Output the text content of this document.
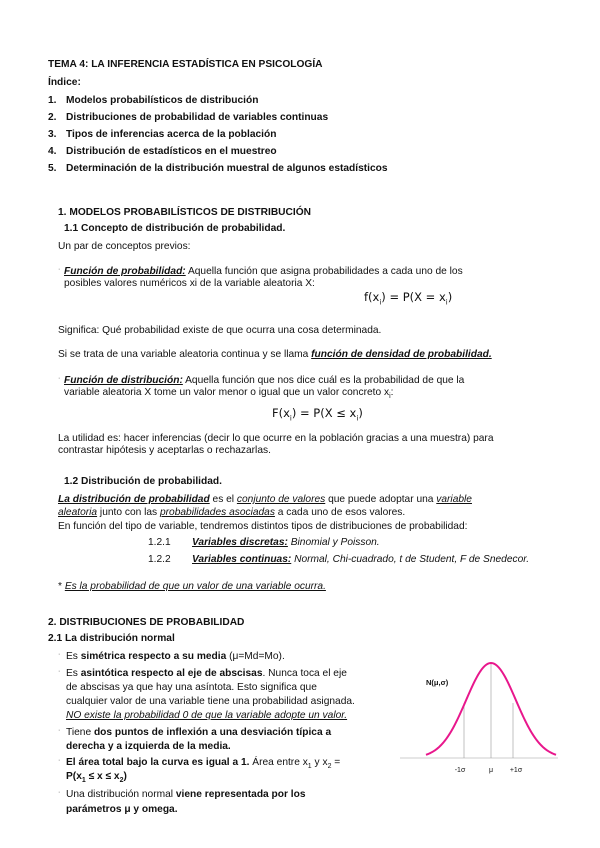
TEMA 4: LA INFERENCIA ESTADÍSTICA EN PSICOLOGÍA
Índice:
1. Modelos probabilísticos de distribución
2. Distribuciones de probabilidad de variables continuas
3. Tipos de inferencias acerca de la población
4. Distribución de estadísticos en el muestreo
5. Determinación de la distribución muestral de algunos estadísticos
1. MODELOS PROBABILÍSTICOS DE DISTRIBUCIÓN
1.1 Concepto de distribución de probabilidad.
Un par de conceptos previos:
· Función de probabilidad: Aquella función que asigna probabilidades a cada uno de los
posibles valores numéricos xi de la variable aleatoria X:
$f(x_i) = P(X = x_i)$
Significa: Qué probabilidad existe de que ocurra una cosa determinada.
Si se trata de una variable aleatoria continua y se llama función de densidad de probabilidad.
· Función de distribución: Aquella función que nos dice cuál es la probabilidad de que la
variable aleatoria X tome un valor menor o igual que un valor concreto $x_i$:
$F(x_i) = P(X \le x_i)$
La utilidad es: hacer inferencias (decir lo que ocurre en la población gracias a una muestra) para
contrastar hipótesis y aceptarlas o rechazarlas.
1.2 Distribución de probabilidad.
La distribución de probabilidad es el conjunto de valores que puede adoptar una variable
aleatoria junto con las probabilidades asociadas a cada uno de esos valores.
En función del tipo de variable, tendremos distintos tipos de distribuciones de probabilidad:
1.2.1 Variables discretas: Binomial y Poisson.
1.2.2 Variables continuas: Normal, Chi-cuadrado, t de Student, F de Snedecor.
* Es la probabilidad de que un valor de una variable ocurra.
2. DISTRIBUCIONES DE PROBABILIDAD
2.1 La distribución normal
· Es simétrica respecto a su media (μ=Md=Mo).
· Es asintótica respecto al eje de abscisas. Nunca toca el eje
de abscisas ya que hay una asíntota. Esto significa que
cualquier valor de una variable tiene una probabilidad asignada.
NO existe la probabilidad 0 de que la variable adopte un valor.
· Tiene dos puntos de inflexión a una desviación típica a
derecha y a izquierda de la media.
· El área total bajo la curva es igual a 1. Área entre $x_1$ y $x_2$ =
$P(x_1 \le x \le x_2)$
· Una distribución normal viene representada por los
parámetros μ y omega.
N(μ,σ)
-1σ	μ +1σ
